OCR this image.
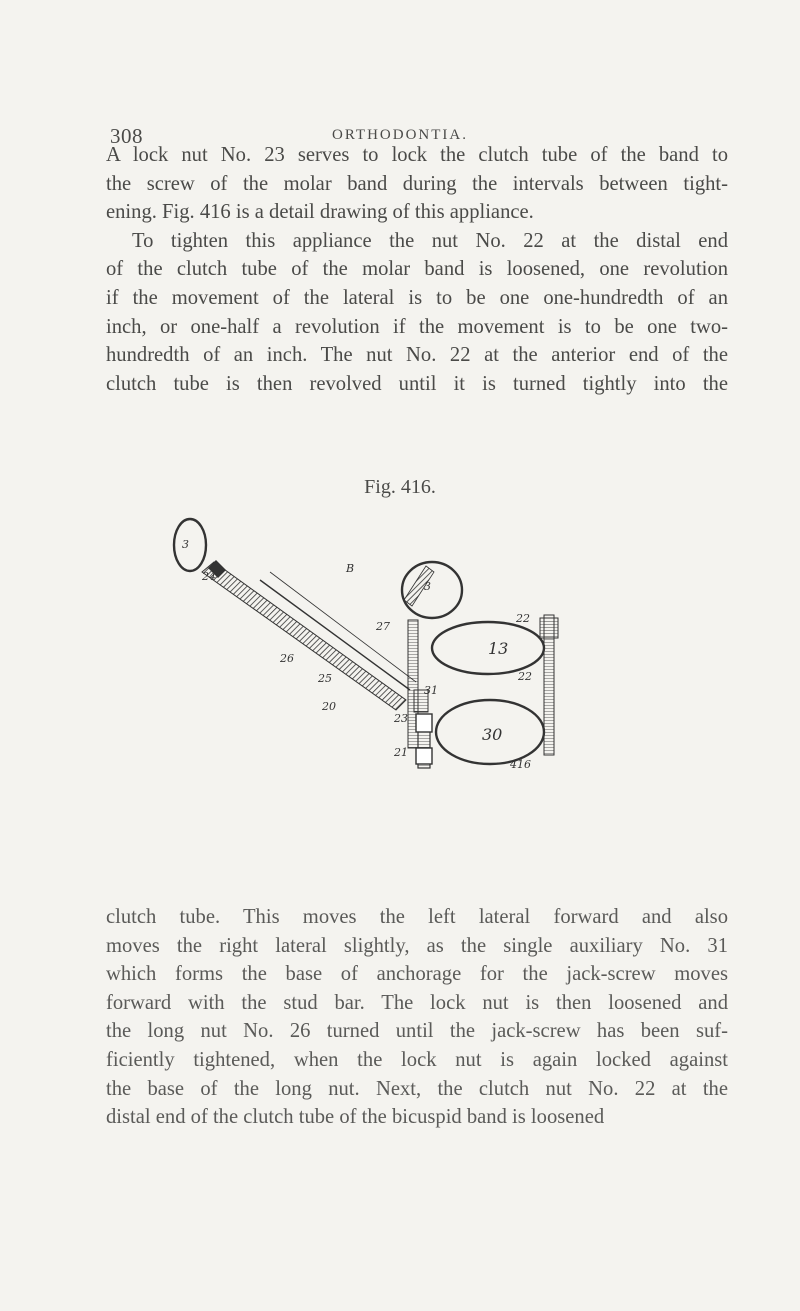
308	ORTHODONTIA.
A lock nut No. 23 serves to lock the clutch tube of the band to
the screw of the molar band during the intervals between tight-
ening. Fig. 416 is a detail drawing of this appliance.
To tighten this appliance the nut No. 22 at the distal end
of the clutch tube of the molar band is loosened, one revolution
if the movement of the lateral is to be one one-hundredth of an
inch, or one-half a revolution if the movement is to be one two-
hundredth of an inch. The nut No. 22 at the anterior end of the
clutch tube is then revolved until it is turned tightly into the
Fig. 416.
3
24
B
26
25
20
3
27
13
31
23
21
22
22
30
416
clutch tube. This moves the left lateral forward and also
moves the right lateral slightly, as the single auxiliary No. 31
which forms the base of anchorage for the jack-screw moves
forward with the stud bar. The lock nut is then loosened and
the long nut No. 26 turned until the jack-screw has been suf-
ficiently tightened, when the lock nut is again locked against
the base of the long nut. Next, the clutch nut No. 22 at the
distal end of the clutch tube of the bicuspid band is loosened
